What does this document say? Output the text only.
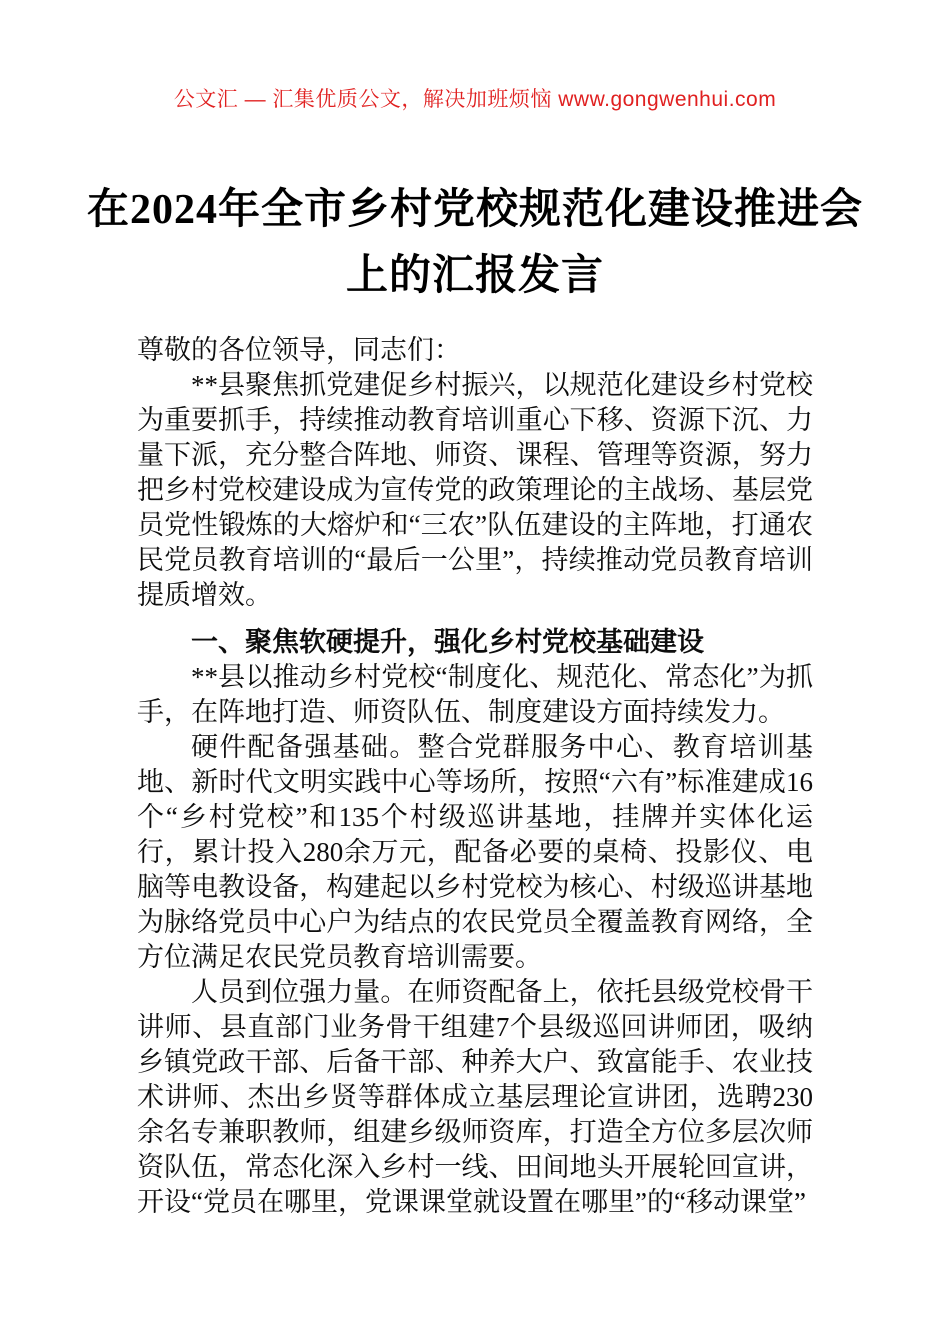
公文汇 — 汇集优质公文，解决加班烦恼 www.gongwenhui.com
在2024年全市乡村党校规范化建设推进会
上的汇报发言

尊敬的各位领导，同志们：

**县聚焦抓党建促乡村振兴，以规范化建设乡村党校为重要抓手，持续推动教育培训重心下移、资源下沉、力量下派，充分整合阵地、师资、课程、管理等资源，努力把乡村党校建设成为宣传党的政策理论的主战场、基层党员党性锻炼的大熔炉和“三农”队伍建设的主阵地，打通农民党员教育培训的“最后一公里”，持续推动党员教育培训提质增效。

一、聚焦软硬提升，强化乡村党校基础建设

**县以推动乡村党校“制度化、规范化、常态化”为抓手，在阵地打造、师资队伍、制度建设方面持续发力。

硬件配备强基础。整合党群服务中心、教育培训基地、新时代文明实践中心等场所，按照“六有”标准建成16个“乡村党校”和135个村级巡讲基地，挂牌并实体化运行，累计投入280余万元，配备必要的桌椅、投影仪、电脑等电教设备，构建起以乡村党校为核心、村级巡讲基地为脉络党员中心户为结点的农民党员全覆盖教育网络，全方位满足农民党员教育培训需要。

人员到位强力量。在师资配备上，依托县级党校骨干讲师、县直部门业务骨干组建7个县级巡回讲师团，吸纳乡镇党政干部、后备干部、种养大户、致富能手、农业技术讲师、杰出乡贤等群体成立基层理论宣讲团，选聘230余名专兼职教师，组建乡级师资库，打造全方位多层次师资队伍，常态化深入乡村一线、田间地头开展轮回宣讲，开设“党员在哪里，党课课堂就设置在哪里”的“移动课堂”
